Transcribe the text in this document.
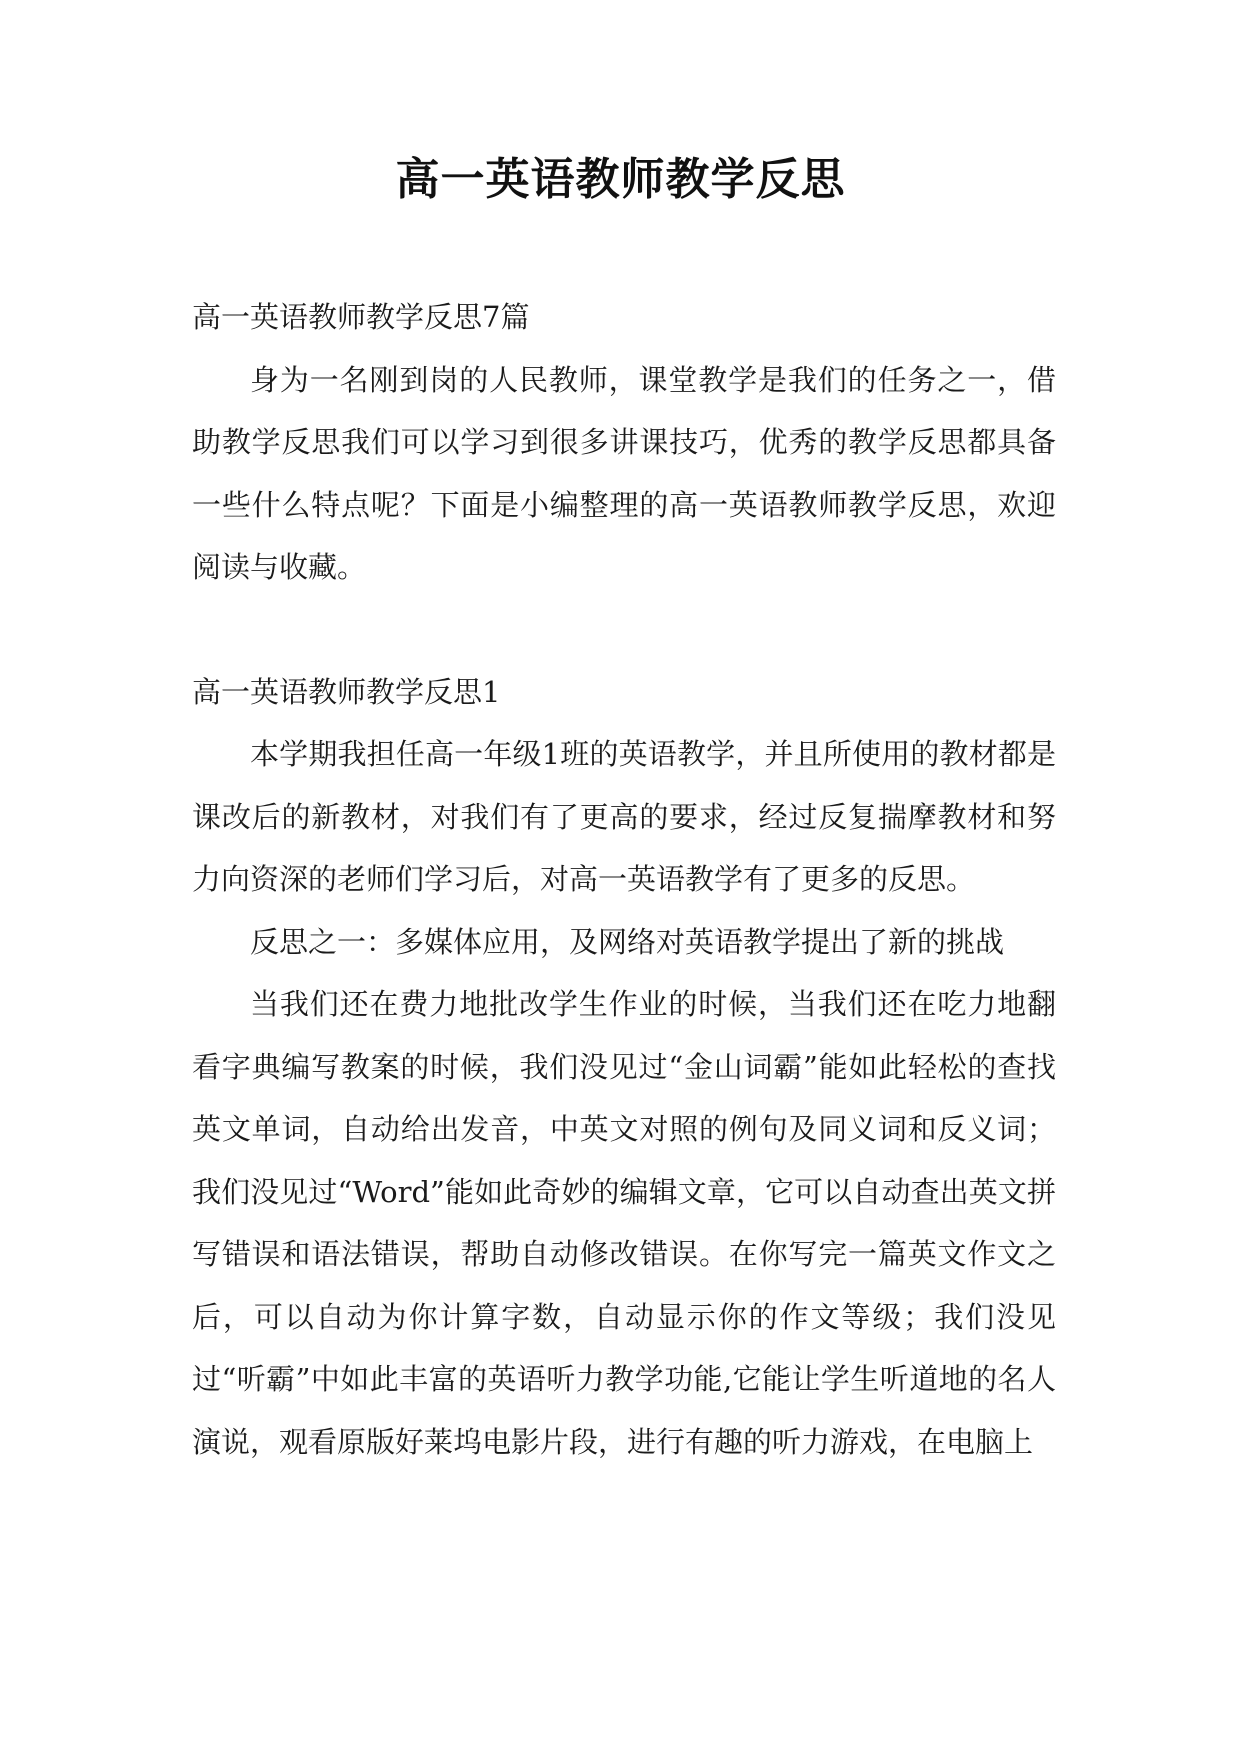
高一英语教师教学反思

高一英语教师教学反思7篇

身为一名刚到岗的人民教师，课堂教学是我们的任务之一，借助教学反思我们可以学习到很多讲课技巧，优秀的教学反思都具备一些什么特点呢？下面是小编整理的高一英语教师教学反思，欢迎阅读与收藏。

高一英语教师教学反思1

本学期我担任高一年级1班的英语教学，并且所使用的教材都是课改后的新教材，对我们有了更高的要求，经过反复揣摩教材和努力向资深的老师们学习后，对高一英语教学有了更多的反思。

反思之一：多媒体应用，及网络对英语教学提出了新的挑战

当我们还在费力地批改学生作业的时候，当我们还在吃力地翻看字典编写教案的时候，我们没见过“金山词霸”能如此轻松的查找英文单词，自动给出发音，中英文对照的例句及同义词和反义词；我们没见过“Word”能如此奇妙的编辑文章，它可以自动查出英文拼写错误和语法错误，帮助自动修改错误。在你写完一篇英文作文之后，可以自动为你计算字数，自动显示你的作文等级；我们没见过“听霸”中如此丰富的英语听力教学功能,它能让学生听道地的名人演说，观看原版好莱坞电影片段，进行有趣的听力游戏，在电脑上
